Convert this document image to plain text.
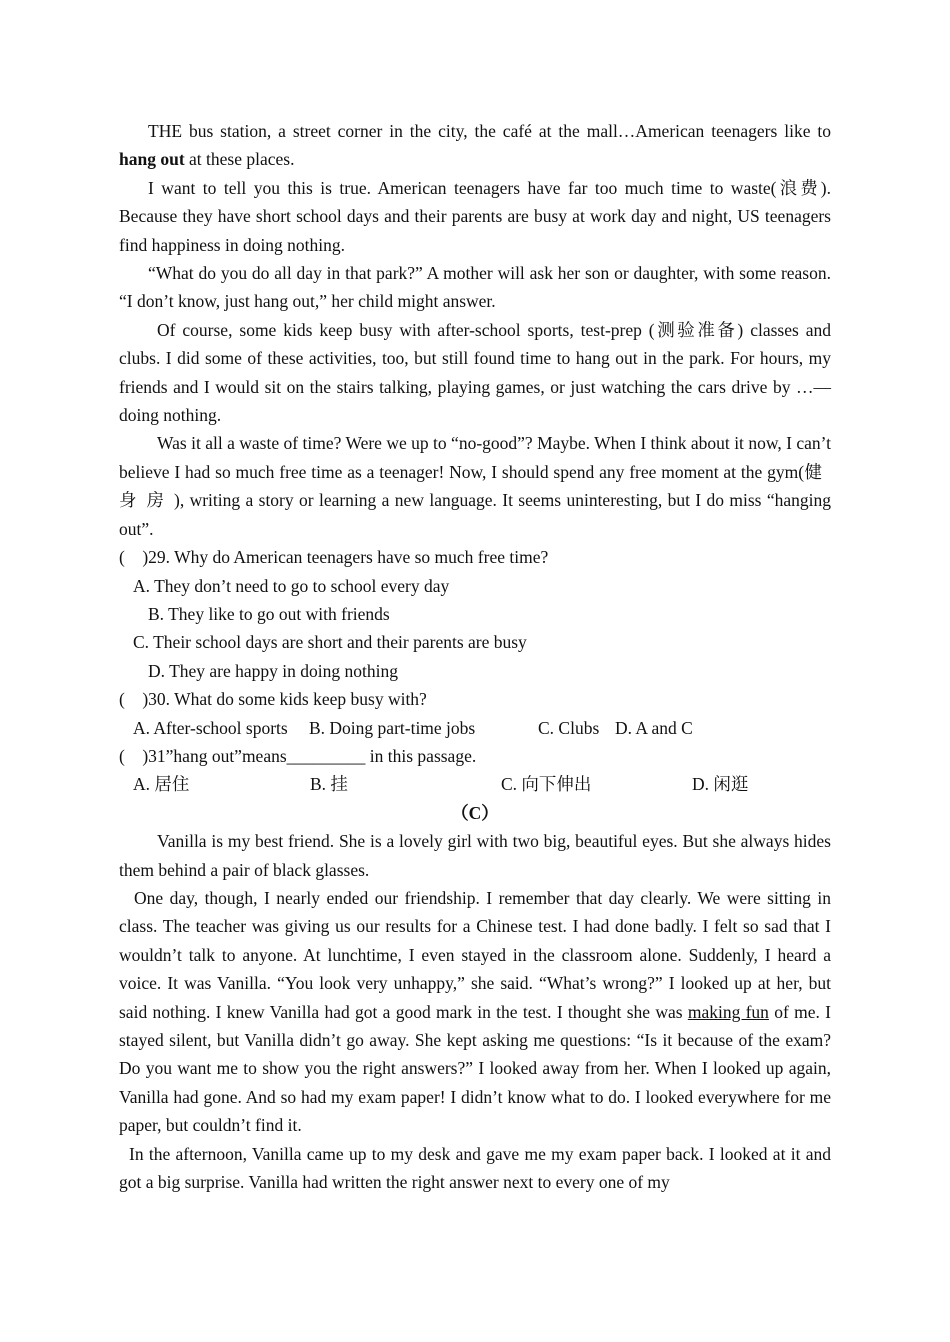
THE bus station, a street corner in the city, the café at the mall…American teenagers like to hang out at these places.

I want to tell you this is true. American teenagers have far too much time to waste(浪费). Because they have short school days and their parents are busy at work day and night, US teenagers find happiness in doing nothing.

“What do you do all day in that park?” A mother will ask her son or daughter, with some reason. “I don’t know, just hang out,” her child might answer.

Of course, some kids keep busy with after-school sports, test-prep (测验准备) classes and clubs. I did some of these activities, too, but still found time to hang out in the park. For hours, my friends and I would sit on the stairs talking, playing games, or just watching the cars drive by …— doing nothing.

Was it all a waste of time? Were we up to “no-good”? Maybe. When I think about it now, I can’t believe I had so much free time as a teenager! Now, I should spend any free moment at the gym(健身房), writing a story or learning a new language. It seems uninteresting, but I do miss “hanging out”.

(    )29. Why do American teenagers have so much free time?

A. They don’t need to go to school every day

B. They like to go out with friends

C. Their school days are short and their parents are busy

D. They are happy in doing nothing

(    )30. What do some kids keep busy with?

A. After-school sports	B. Doing part-time jobs	C. Clubs D. A and C

(    )31”hang out”means_________ in this passage.

A. 居住	B. 挂	C. 向下伸出	D. 闲逛

（C）

Vanilla is my best friend. She is a lovely girl with two big, beautiful eyes. But she always hides them behind a pair of black glasses.

One day, though, I nearly ended our friendship. I remember that day clearly. We were sitting in class. The teacher was giving us our results for a Chinese test. I had done badly. I felt so sad that I wouldn’t talk to anyone. At lunchtime, I even stayed in the classroom alone. Suddenly, I heard a voice. It was Vanilla. “You look very unhappy,” she said. “What’s wrong?” I looked up at her, but said nothing. I knew Vanilla had got a good mark in the test. I thought she was making fun of me. I stayed silent, but Vanilla didn’t go away. She kept asking me questions: “Is it because of the exam? Do you want me to show you the right answers?” I looked away from her. When I looked up again, Vanilla had gone. And so had my exam paper! I didn’t know what to do. I looked everywhere for me paper, but couldn’t find it.

In the afternoon, Vanilla came up to my desk and gave me my exam paper back. I looked at it and got a big surprise. Vanilla had written the right answer next to every one of my
